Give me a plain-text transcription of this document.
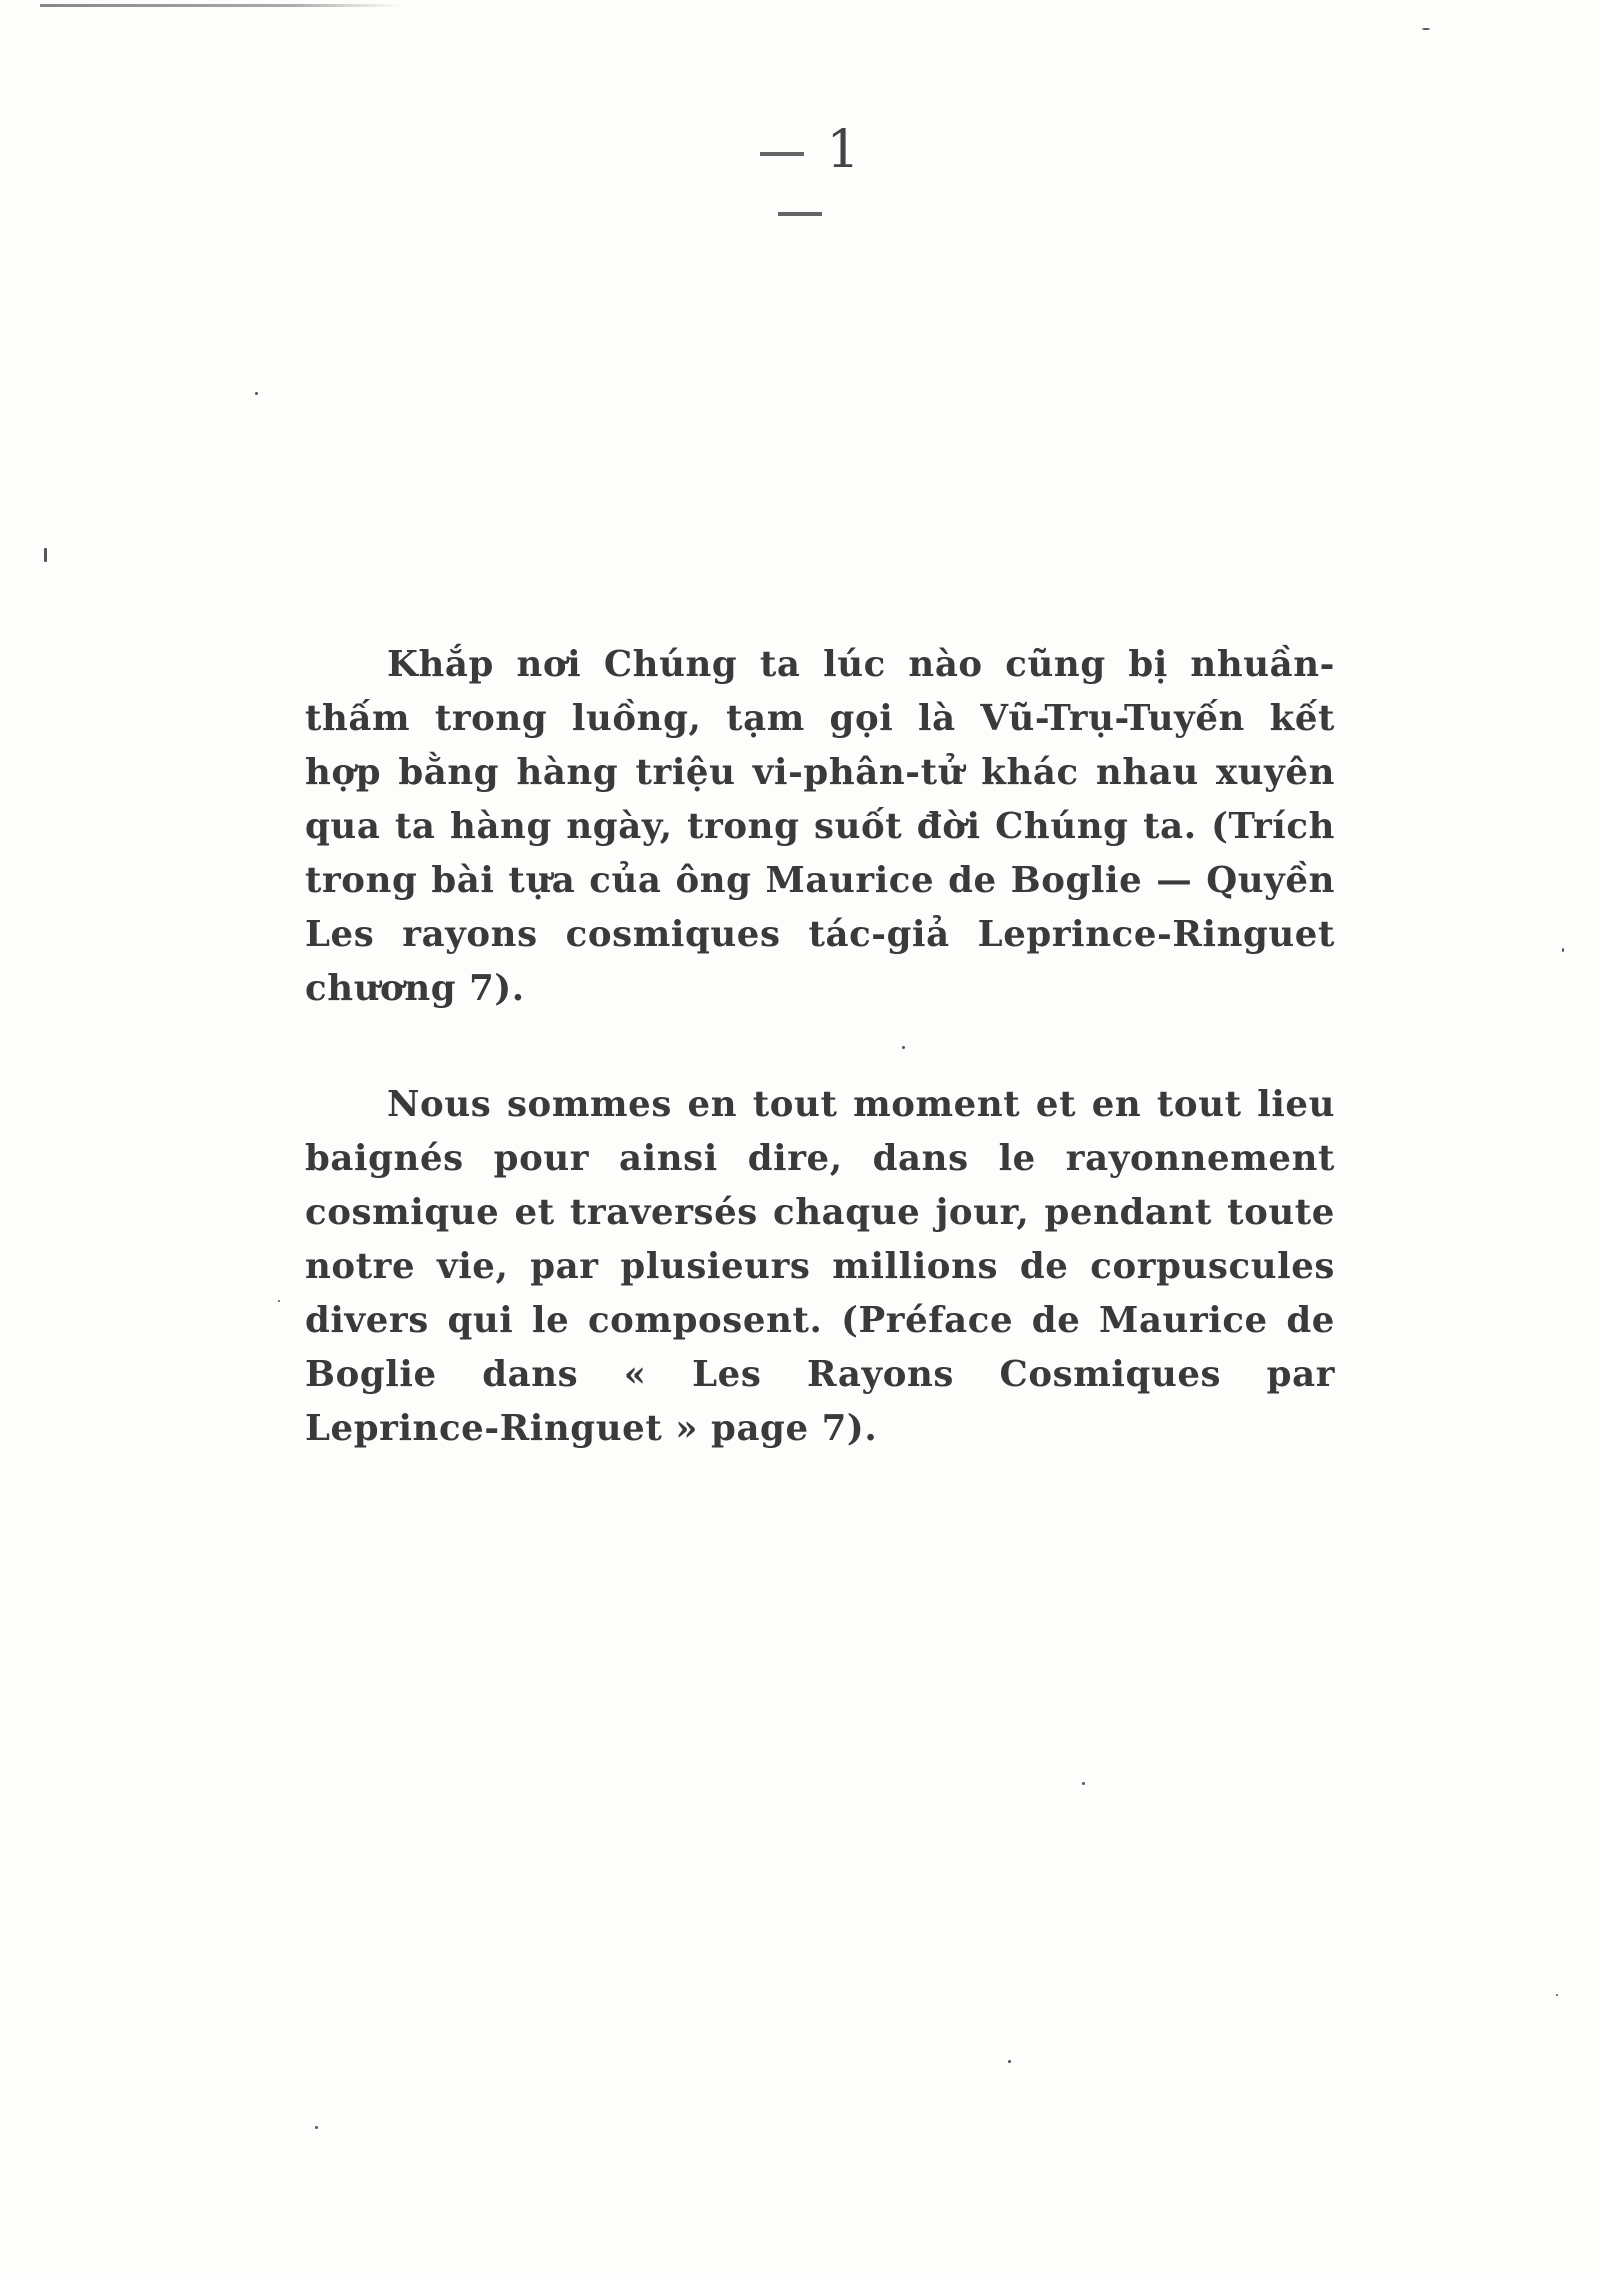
1

Khắp nơi Chúng ta lúc nào cũng bị nhuần-thấm trong luồng, tạm gọi là Vũ-Trụ-Tuyến kết hợp bằng hàng triệu vi-phân-tử khác nhau xuyên qua ta hàng ngày, trong suốt đời Chúng ta. (Trích trong bài tựa của ông Maurice de Boglie — Quyền Les rayons cosmiques tác-giả Leprince-Ringuet chương 7).

Nous sommes en tout moment et en tout lieu baignés pour ainsi dire, dans le rayonnement cosmique et traversés chaque jour, pendant toute notre vie, par plusieurs millions de corpuscules divers qui le composent. (Préface de Maurice de Boglie dans « Les Rayons Cosmiques par Leprince-Ringuet » page 7).
